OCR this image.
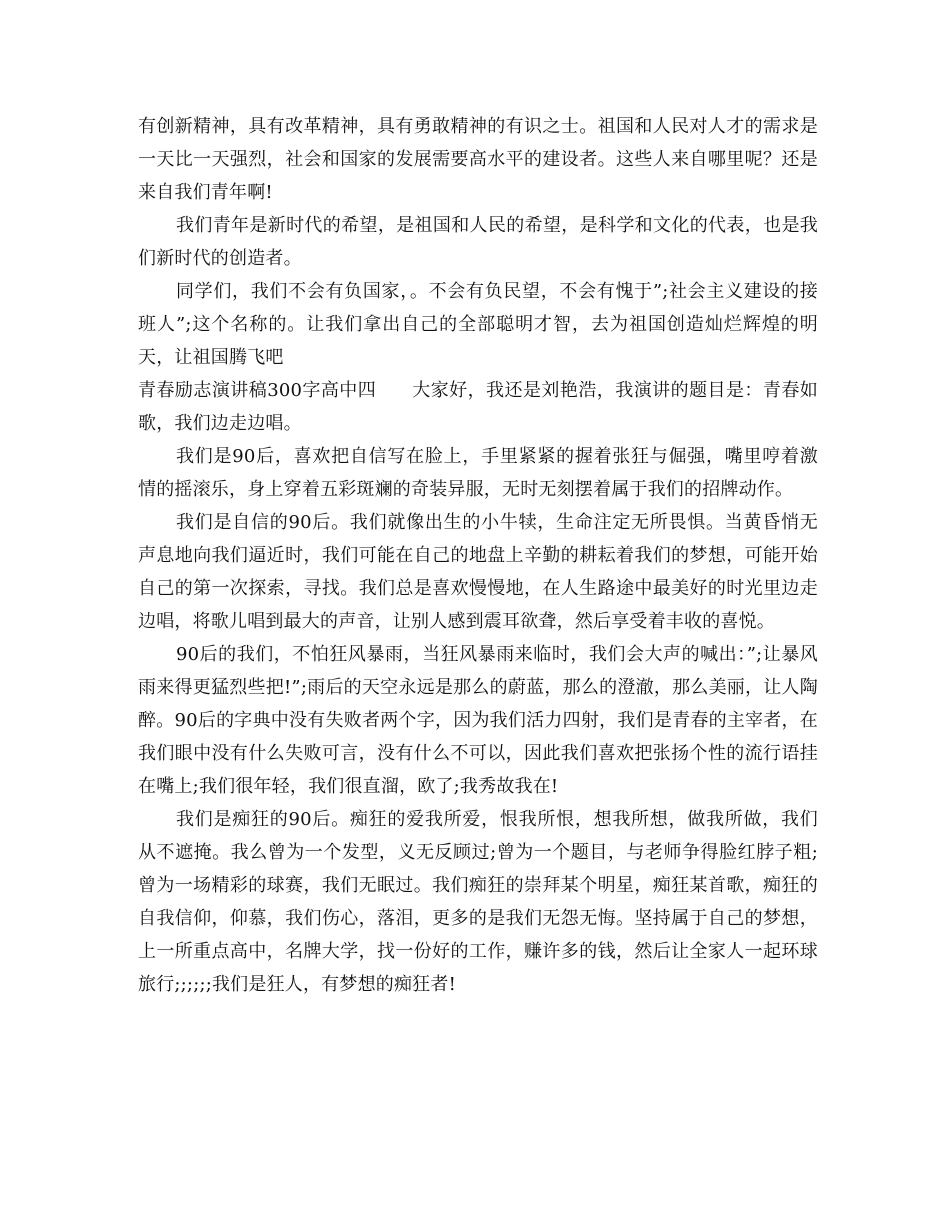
有创新精神，具有改革精神，具有勇敢精神的有识之士。祖国和人民对人才的需求是一天比一天强烈，社会和国家的发展需要高水平的建设者。这些人来自哪里呢？还是来自我们青年啊!

我们青年是新时代的希望，是祖国和人民的希望，是科学和文化的代表，也是我们新时代的创造者。

同学们，我们不会有负国家，。不会有负民望，不会有愧于”;社会主义建设的接班人”;这个名称的。让我们拿出自己的全部聪明才智，去为祖国创造灿烂辉煌的明天，让祖国腾飞吧

青春励志演讲稿300字高中四 大家好，我还是刘艳浩，我演讲的题目是：青春如歌，我们边走边唱。

我们是90后，喜欢把自信写在脸上，手里紧紧的握着张狂与倔强，嘴里哼着激情的摇滚乐，身上穿着五彩斑斓的奇装异服，无时无刻摆着属于我们的招牌动作。

我们是自信的90后。我们就像出生的小牛犊，生命注定无所畏惧。当黄昏悄无声息地向我们逼近时，我们可能在自己的地盘上辛勤的耕耘着我们的梦想，可能开始自己的第一次探索，寻找。我们总是喜欢慢慢地，在人生路途中最美好的时光里边走边唱，将歌儿唱到最大的声音，让别人感到震耳欲聋，然后享受着丰收的喜悦。

90后的我们，不怕狂风暴雨，当狂风暴雨来临时，我们会大声的喊出：”;让暴风雨来得更猛烈些把!”;雨后的天空永远是那么的蔚蓝，那么的澄澈，那么美丽，让人陶醉。90后的字典中没有失败者两个字，因为我们活力四射，我们是青春的主宰者，在我们眼中没有什么失败可言，没有什么不可以，因此我们喜欢把张扬个性的流行语挂在嘴上;我们很年轻，我们很直溜，欧了;我秀故我在!

我们是痴狂的90后。痴狂的爱我所爱，恨我所恨，想我所想，做我所做，我们从不遮掩。我么曾为一个发型，义无反顾过;曾为一个题目，与老师争得脸红脖子粗;曾为一场精彩的球赛，我们无眠过。我们痴狂的崇拜某个明星，痴狂某首歌，痴狂的自我信仰，仰慕，我们伤心，落泪，更多的是我们无怨无悔。坚持属于自己的梦想，上一所重点高中，名牌大学，找一份好的工作，赚许多的钱，然后让全家人一起环球旅行;;;;;;我们是狂人，有梦想的痴狂者!
